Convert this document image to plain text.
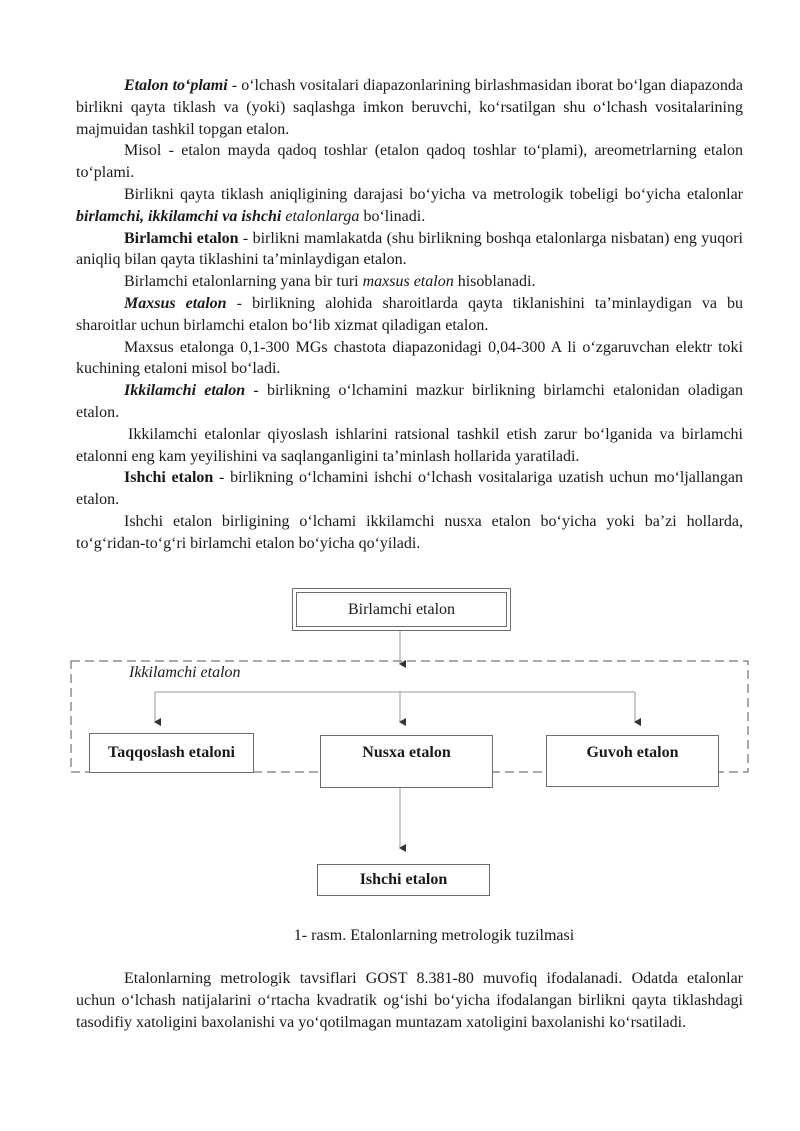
Etalon to‘plami - o‘lchash vositalari diapazonlarining birlashmasidan iborat bo‘lgan diapazonda birlikni qayta tiklash va (yoki) saqlashga imkon beruvchi, ko‘rsatilgan shu o‘lchash vositalarining majmuidan tashkil topgan etalon.

Misol - etalon mayda qadoq toshlar (etalon qadoq toshlar to‘plami), areometrlarning etalon to‘plami.

Birlikni qayta tiklash aniqligining darajasi bo‘yicha va metrologik tobeligi bo‘yicha etalonlar birlamchi, ikkilamchi va ishchi etalonlarga bo‘linadi.

Birlamchi etalon - birlikni mamlakatda (shu birlikning boshqa etalonlarga nisbatan) eng yuqori aniqliq bilan qayta tiklashini ta’minlaydigan etalon.

Birlamchi etalonlarning yana bir turi maxsus etalon hisoblanadi.

Maxsus etalon - birlikning alohida sharoitlarda qayta tiklanishini ta’minlaydigan va bu sharoitlar uchun birlamchi etalon bo‘lib xizmat qiladigan etalon.

Maxsus etalonga 0,1-300 MGs chastota diapazonidagi 0,04-300 A li o‘zgaruvchan elektr toki kuchining etaloni misol bo‘ladi.

Ikkilamchi etalon - birlikning o‘lchamini mazkur birlikning birlamchi etalonidan oladigan etalon.

Ikkilamchi etalonlar qiyoslash ishlarini ratsional tashkil etish zarur bo‘lganida va birlamchi etalonni eng kam yeyilishini va saqlanganligini ta’minlash hollarida yaratiladi.

Ishchi etalon - birlikning o‘lchamini ishchi o‘lchash vositalariga uzatish uchun mo‘ljallangan etalon.

Ishchi etalon birligining o‘lchami ikkilamchi nusxa etalon bo‘yicha yoki ba’zi hollarda, to‘g‘ridan-to‘g‘ri birlamchi etalon bo‘yicha qo‘yiladi.

Birlamchi etalon
Ikkilamchi etalon
Taqqoslash etaloni	Nusxa etalon	Guvoh etalon
Ishchi etalon
1- rasm. Etalonlarning metrologik tuzilmasi

Etalonlarning metrologik tavsiflari GOST 8.381-80 muvofiq ifodalanadi. Odatda etalonlar uchun o‘lchash natijalarini o‘rtacha kvadratik og‘ishi bo‘yicha ifodalangan birlikni qayta tiklashdagi tasodifiy xatoligini baxolanishi va yo‘qotilmagan muntazam xatoligini baxolanishi ko‘rsatiladi.
